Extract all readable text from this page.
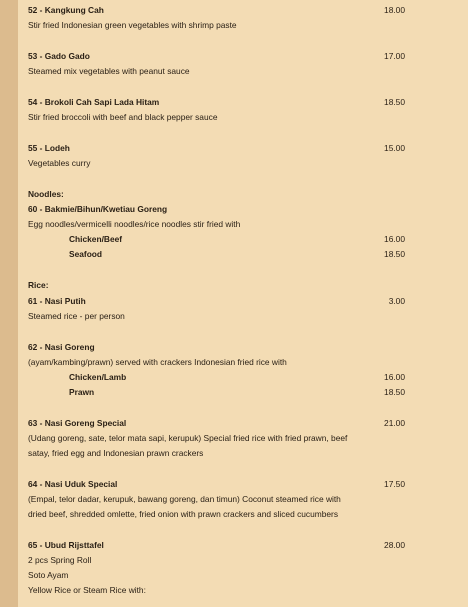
52 - Kangkung Cah	18.00
Stir fried Indonesian green vegetables with shrimp paste
53 - Gado Gado	17.00
Steamed mix vegetables with peanut sauce
54 - Brokoli Cah Sapi Lada Hitam	18.50
Stir fried broccoli with beef and black pepper sauce
55 - Lodeh	15.00
Vegetables curry
Noodles:
60 - Bakmie/Bihun/Kwetiau Goreng
Egg noodles/vermicelli noodles/rice noodles stir fried with
Chicken/Beef	16.00
Seafood	18.50
Rice:
61 - Nasi Putih	3.00
Steamed rice - per person
62 - Nasi Goreng
(ayam/kambing/prawn) served with crackers Indonesian fried rice with
Chicken/Lamb	16.00
Prawn	18.50
63 - Nasi Goreng Special	21.00
(Udang goreng, sate, telor mata sapi, kerupuk) Special fried rice with fried prawn, beef
satay, fried egg and Indonesian prawn crackers
64 - Nasi Uduk Special	17.50
(Empal, telor dadar, kerupuk, bawang goreng, dan timun) Coconut steamed rice with
dried beef, shredded omlette, fried onion with prawn crackers and sliced cucumbers
65 - Ubud Rijsttafel	28.00
2 pcs Spring Roll
Soto Ayam
Yellow Rice or Steam Rice with:
